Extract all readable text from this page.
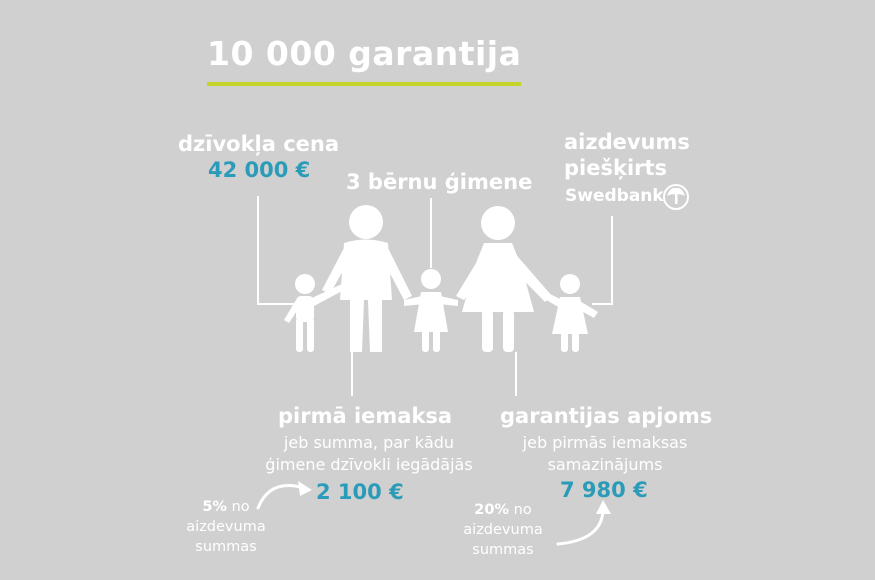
10 000 garantija
dzīvokļa cena
42 000 € 3 bērnu ģimene
aizdevums
piešķirts
Swedbank
pirmā iemaksa
jeb summa, par kādu
ģimene dzīvokli iegādājās
2 100 €
5% no
aizdevuma
summas
garantijas apjoms
jeb pirmās iemaksas
samazinājums
7 980 €
20% no
aizdevuma
summas
